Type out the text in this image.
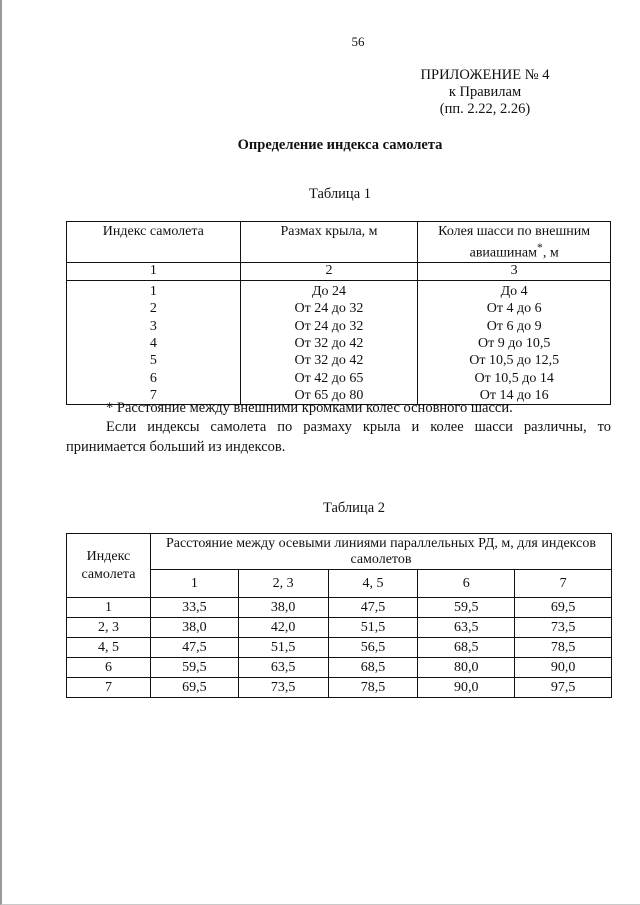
56
ПРИЛОЖЕНИЕ № 4
к Правилам
(пп. 2.22, 2.26)
Определение индекса самолета
Таблица 1
Индекс самолета	Размах крыла, м	Колея шасси по внешним авиашинам*, м
1	2	3
1	До 24	До 4
2	От 24 до 32	От 4 до 6
3	От 24 до 32	От 6 до 9
4	От 32 до 42	От 9 до 10,5
5	От 32 до 42	От 10,5 до 12,5
6	От 42 до 65	От 10,5 до 14
7	От 65 до 80	От 14 до 16
* Расстояние между внешними кромками колес основного шасси.
Если индексы самолета по размаху крыла и колее шасси различны, то принимается больший из индексов.
Таблица 2
Индекс самолета	Расстояние между осевыми линиями параллельных РД, м, для индексов самолетов				
	1	2, 3	4, 5	6	7
1	33,5	38,0	47,5	59,5	69,5
2, 3	38,0	42,0	51,5	63,5	73,5
4, 5	47,5	51,5	56,5	68,5	78,5
6	59,5	63,5	68,5	80,0	90,0
7	69,5	73,5	78,5	90,0	97,5
